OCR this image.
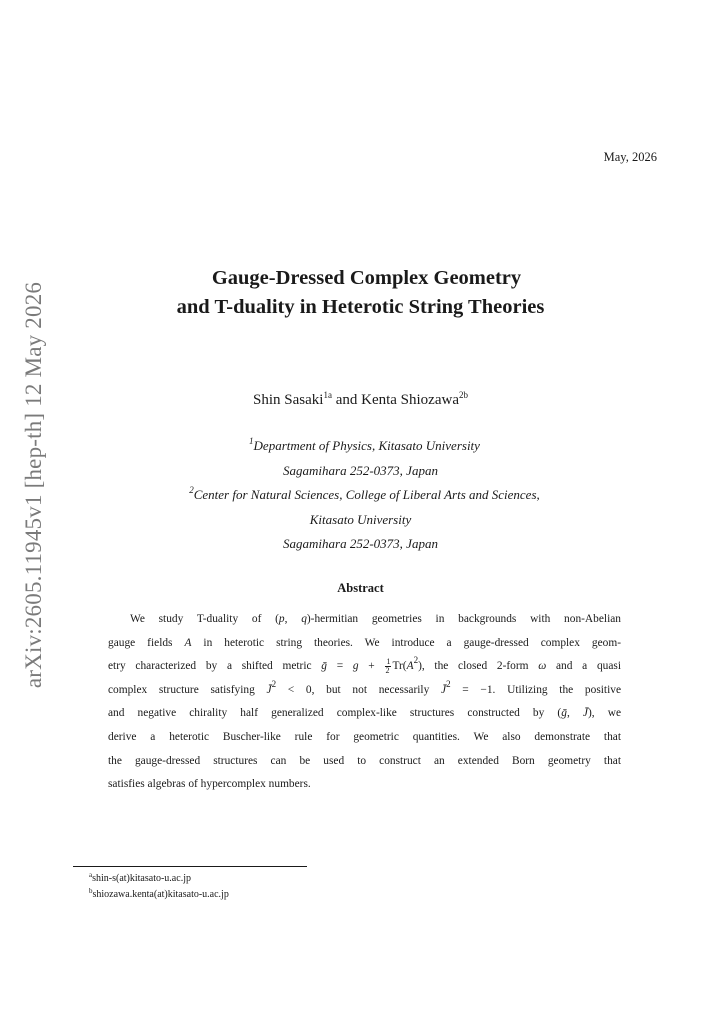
arXiv:2605.11945v1 [hep-th] 12 May 2026
May, 2026
Gauge-Dressed Complex Geometry
and T-duality in Heterotic String Theories
Shin Sasaki$^{1a}$ and Kenta Shiozawa$^{2b}$
$^1$Department of Physics, Kitasato University
Sagamihara 252-0373, Japan
$^2$Center for Natural Sciences, College of Liberal Arts and Sciences,
Kitasato University
Sagamihara 252-0373, Japan
Abstract
We study T-duality of (p, q)-hermitian geometries in backgrounds with non-Abelian
gauge fields A in heterotic string theories. We introduce a gauge-dressed complex geom-
etry characterized by a shifted metric ḡ = $g + \frac{1}{2} Tr(A^2)$, the closed 2-form ω and a quasi
complex structure satisfying J̄$^2$ < 0, but not necessarily J̄$^2$ = −1. Utilizing the positive
and negative chirality half generalized complex-like structures constructed by (ḡ, J̄), we
derive a heterotic Buscher-like rule for geometric quantities. We also demonstrate that
the gauge-dressed structures can be used to construct an extended Born geometry that
satisfies algebras of hypercomplex numbers.
$^a$shin-s(at)kitasato-u.ac.jp
$^b$shiozawa.kenta(at)kitasato-u.ac.jp
